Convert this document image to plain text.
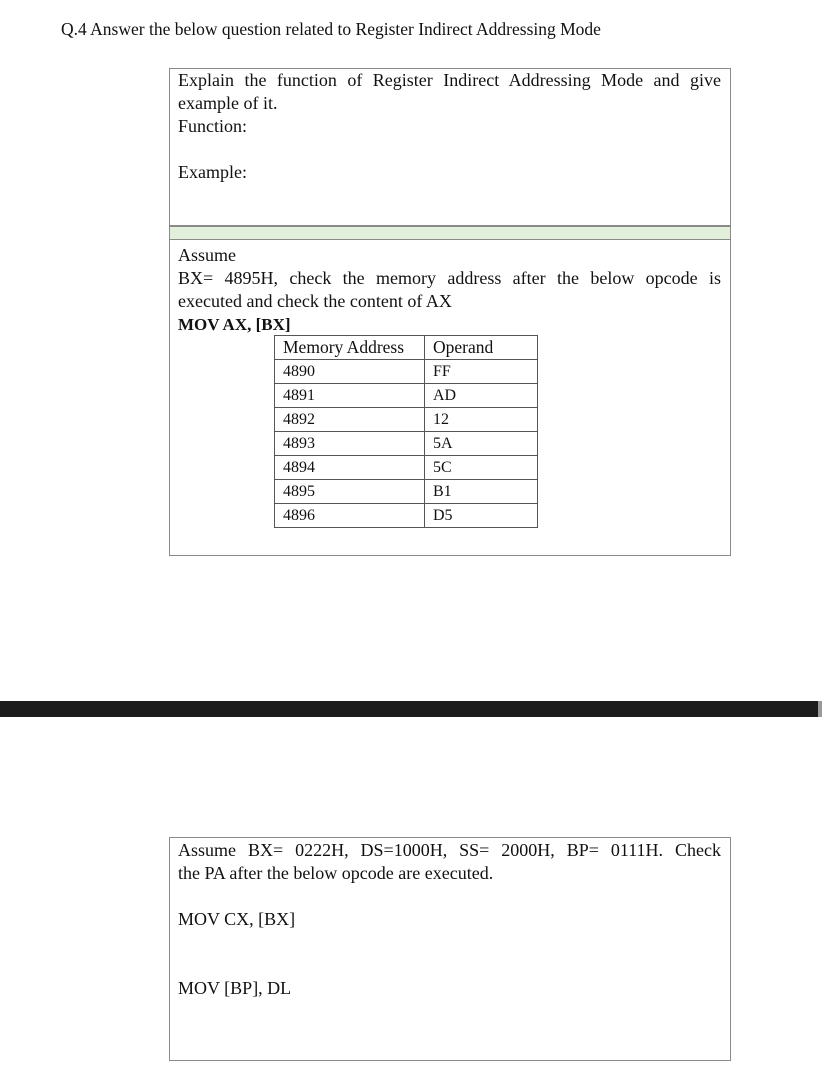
Q.4 Answer the below question related to Register Indirect Addressing Mode
Explain the function of Register Indirect Addressing Mode and give
example of it.
Function:
Example:
Assume
BX= 4895H, check the memory address after the below opcode is
executed and check the content of AX
MOV AX, [BX]
Memory Address	Operand
4890	FF
4891	AD
4892	12
4893	5A
4894	5C
4895	B1
4896	D5
Assume BX= 0222H, DS=1000H, SS= 2000H, BP= 0111H. Check
the PA after the below opcode are executed.
MOV CX, [BX]
MOV [BP], DL
